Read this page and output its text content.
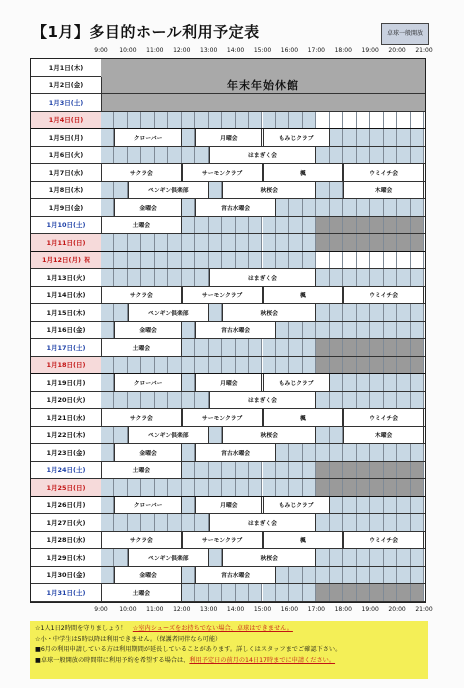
【1月】多目的ホール利用予定表	卓球一般開放
9:00 10:00 11:00 12:00 13:00 14:00 15:00 16:00 17:00 18:00 19:00 20:00 21:00
1月1日(木)
年末年始休館
1月2日(金)
1月3日(土)
1月4日(日)
1月5日(月)	クローバー	月曜会	もみじクラブ
1月6日(火)	はまぎく会
1月7日(水)	サクラ会	サーモンクラブ	楓	ウミイチ会
1月8日(木)	ペンギン倶楽部	秋桜会	木曜会
1月9日(金)	金曜会	宮古水曜会
1月10日(土)	土曜会
1月11日(日)
1月12日(月) 祝
1月13日(火)	はまぎく会
1月14日(水)	サクラ会	サーモンクラブ	楓	ウミイチ会
1月15日(木)	ペンギン倶楽部	秋桜会
1月16日(金)	金曜会	宮古水曜会
1月17日(土)	土曜会
1月18日(日)
1月19日(月)	クローバー	月曜会	もみじクラブ
1月20日(火)	はまぎく会
1月21日(水)	サクラ会	サーモンクラブ	楓	ウミイチ会
1月22日(木)	ペンギン倶楽部	秋桜会	木曜会
1月23日(金)	金曜会	宮古水曜会
1月24日(土)	土曜会
1月25日(日)
1月26日(月)	クローバー	月曜会	もみじクラブ
1月27日(火)	はまぎく会
1月28日(水)	サクラ会	サーモンクラブ	楓	ウミイチ会
1月29日(木)	ペンギン倶楽部	秋桜会
1月30日(金)	金曜会	宮古水曜会
1月31日(土)	土曜会
9:00 10:00 11:00 12:00 13:00 14:00 15:00 16:00 17:00 18:00 19:00 20:00 21:00
☆1人1日2時間を守りましょう！　☆室内シューズをお持ちでない場合、卓球はできません。
☆小・中学生は5時以降は利用できません。（保護者同伴なら可能）
■6月の利用申請している方は利用期間が延長していることがあります。詳しくはスタッフまでご確認下さい。
■卓球一般開放の時間帯に利用予約を希望する場合は、利用予定日の前月の14日17時までに申請ください。
